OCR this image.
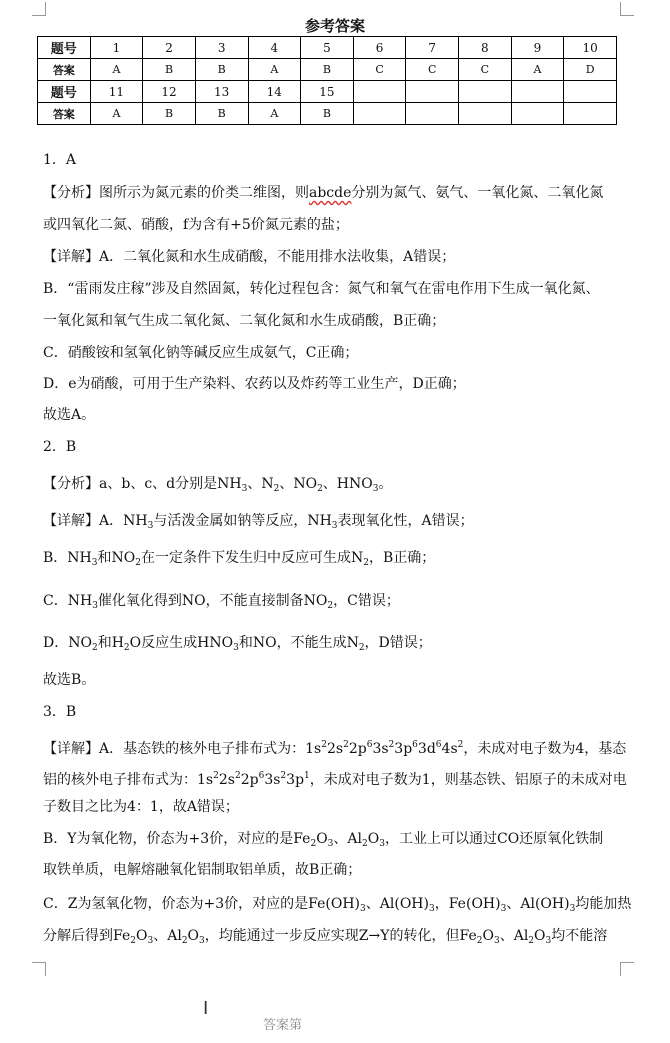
参考答案
题号	1	2	3	4	5	6	7	8	9	10
答案	A	B	B	A	B	C	C	C	A	D
题号	11	12	13	14	15					
答案	A	B	B	A	B					
1．A
【分析】图所示为氮元素的价类二维图，则abcde分别为氮气、氨气、一氧化氮、二氧化氮
或四氧化二氮、硝酸，f为含有+5价氮元素的盐；
【详解】A．二氧化氮和水生成硝酸，不能用排水法收集，A错误；
B．“雷雨发庄稼”涉及自然固氮，转化过程包含：氮气和氧气在雷电作用下生成一氧化氮、
一氧化氮和氧气生成二氧化氮、二氧化氮和水生成硝酸，B正确；
C．硝酸铵和氢氧化钠等碱反应生成氨气，C正确；
D．e为硝酸，可用于生产染料、农药以及炸药等工业生产，D正确；
故选A。
2．B
【分析】a、b、c、d分别是$NH_3$、$N_2$、$NO_2$、$HNO_3$。
【详解】A．$NH_3$与活泼金属如钠等反应，$NH_3$表现氧化性，A错误；
B．$NH_3$和$NO_2$在一定条件下发生归中反应可生成$N_2$，B正确；
C．$NH_3$催化氧化得到NO，不能直接制备$NO_2$，C错误；
D．$NO_2$和$H_2O$反应生成$HNO_3$和NO，不能生成$N_2$，D错误；
故选B。
3．B
【详解】A．基态铁的核外电子排布式为：$1s^22s^22p^63s^23p^63d^64s^2$，未成对电子数为4，基态
铝的核外电子排布式为：$1s^22s^22p^63s^23p^1$，未成对电子数为1，则基态铁、铝原子的未成对电
子数目之比为4：1，故A错误；
B．Y为氧化物，价态为+3价，对应的是$Fe_2O_3$、$Al_2O_3$，工业上可以通过CO还原氧化铁制
取铁单质，电解熔融氧化铝制取铝单质，故B正确；
C．Z为氢氧化物，价态为+3价，对应的是$Fe(OH)_3$、$Al(OH)_3$，$Fe(OH)_3$、$Al(OH)_3$均能加热
分解后得到$Fe_2O_3$、$Al_2O_3$，均能通过一步反应实现Z→Y的转化，但$Fe_2O_3$、$Al_2O_3$均不能溶
I
答案第
